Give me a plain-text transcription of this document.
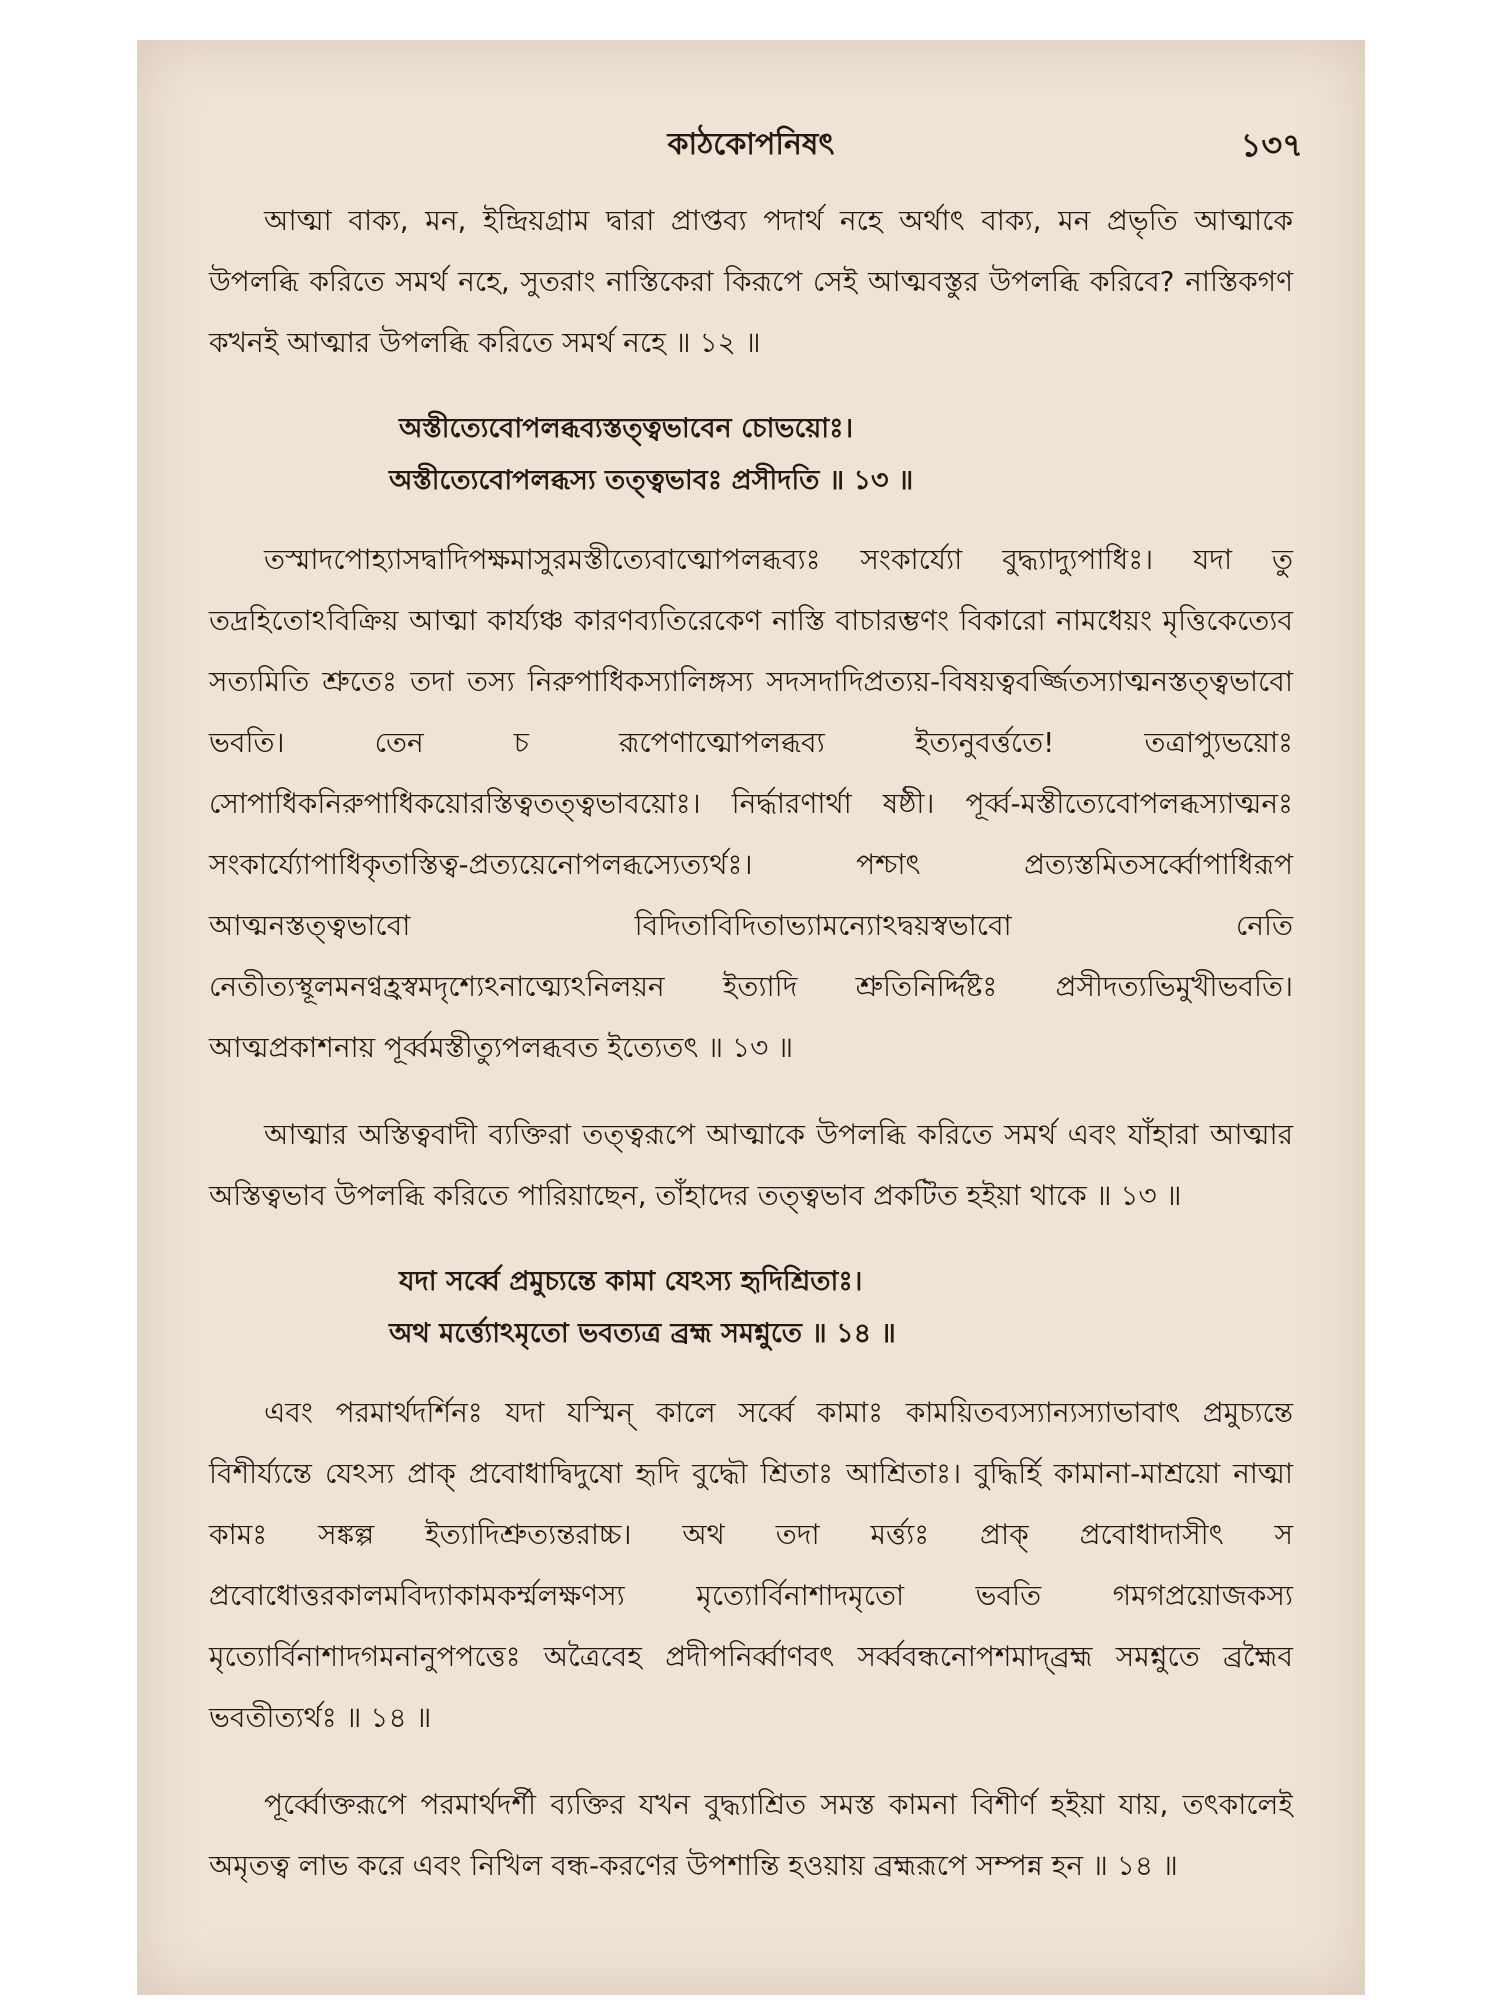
কাঠকোপনিষৎ	১৩৭

আত্মা বাক্য, মন, ইন্দ্রিয়গ্রাম দ্বারা প্রাপ্তব্য পদার্থ নহে অর্থাৎ বাক্য, মন প্রভৃতি আত্মাকে উপলব্ধি করিতে সমর্থ নহে, সুতরাং নাস্তিকেরা কিরূপে সেই আত্মবস্তুর উপলব্ধি করিবে? নাস্তিকগণ কখনই আত্মার উপলব্ধি করিতে সমর্থ নহে ॥ ১২ ॥

অস্তীত্যেবোপলব্ধব্যস্তত্ত্বভাবেন চোভয়োঃ।
অস্তীত্যেবোপলব্ধস্য তত্ত্বভাবঃ প্রসীদতি ॥ ১৩ ॥

তস্মাদপোহ্যাসদ্বাদিপক্ষমাসুরমস্তীত্যেবাত্মোপলব্ধব্যঃ সংকার্য্যো বুদ্ধ্যাদ্যুপাধিঃ। যদা তু তদ্রহিতোঽবিক্রিয় আত্মা কার্য্যঞ্চ কারণব্যতিরেকেণ নাস্তি বাচারম্ভণং বিকারো নামধেয়ং মৃত্তিকেত্যেব সত্যমিতি শ্রুতেঃ তদা তস্য নিরুপাধিকস্যালিঙ্গস্য সদসদাদিপ্রত্যয়-বিষয়ত্ববর্জ্জিতস্যাত্মনস্তত্ত্বভাবো ভবতি। তেন চ রূপেণাত্মোপলব্ধব্য ইত্যনুবর্ত্ততে! তত্রাপ্যুভয়োঃ সোপাধিকনিরুপাধিকয়োরস্তিত্বতত্ত্বভাবয়োঃ। নির্দ্ধারণার্থা ষষ্ঠী। পূর্ব্ব-মস্তীত্যেবোপলব্ধস্যাত্মনঃ সংকার্য্যোপাধিকৃতাস্তিত্ব-প্রত্যয়েনোপলব্ধস্যেত্যর্থঃ। পশ্চাৎ প্রত্যস্তমিতসর্ব্বোপাধিরূপ আত্মনস্তত্ত্বভাবো বিদিতাবিদিতাভ্যামন্যোঽদ্বয়স্বভাবো নেতি নেতীত্যস্থূলমনণ্বহ্রস্বমদৃশ্যেঽনাত্ম্যেঽনিলয়ন ইত্যাদি শ্রুতিনির্দ্দিষ্টঃ প্রসীদত্যভিমুখীভবতি। আত্মপ্রকাশনায় পূর্ব্বমস্তীত্যুপলব্ধবত ইত্যেতৎ ॥ ১৩ ॥

আত্মার অস্তিত্ববাদী ব্যক্তিরা তত্ত্বরূপে আত্মাকে উপলব্ধি করিতে সমর্থ এবং যাঁহারা আত্মার অস্তিত্বভাব উপলব্ধি করিতে পারিয়াছেন, তাঁহাদের তত্ত্বভাব প্রকটিত হইয়া থাকে ॥ ১৩ ॥

যদা সর্ব্বে প্রমুচ্যন্তে কামা যেঽস্য হৃদিশ্রিতাঃ।
অথ মর্ত্ত্যোঽমৃতো ভবত্যত্র ব্রহ্ম সমশ্নুতে ॥ ১৪ ॥

এবং পরমার্থদর্শিনঃ যদা যস্মিন্ কালে সর্ব্বে কামাঃ কাময়িতব্যস্যান্যস্যাভাবাৎ প্রমুচ্যন্তে বিশীর্য্যন্তে যেঽস্য প্রাক্ প্রবোধাদ্বিদুষো হৃদি বুদ্ধৌ শ্রিতাঃ আশ্রিতাঃ। বুদ্ধির্হি কামানা-মাশ্রয়ো নাত্মা কামঃ সঙ্কল্প ইত্যাদিশ্রুত্যন্তরাচ্চ। অথ তদা মর্ত্ত্যঃ প্রাক্ প্রবোধাদাসীৎ স প্রবোধোত্তরকালমবিদ্যাকামকর্ম্মলক্ষণস্য মৃত্যোর্বিনাশাদমৃতো ভবতি গমগপ্রয়োজকস্য মৃত্যোর্বিনাশাদগমনানুপপত্তেঃ অত্রৈবেহ প্রদীপনির্ব্বাণবৎ সর্ব্ববন্ধনোপশমাদ্‌ব্রহ্ম সমশ্নুতে ব্রহ্মৈব ভবতীত্যর্থঃ ॥ ১৪ ॥

পূর্ব্বোক্তরূপে পরমার্থদর্শী ব্যক্তির যখন বুদ্ধ্যাশ্রিত সমস্ত কামনা বিশীর্ণ হইয়া যায়, তৎকালেই অমৃতত্ব লাভ করে এবং নিখিল বন্ধ-করণের উপশান্তি হওয়ায় ব্রহ্মরূপে সম্পন্ন হন ॥ ১৪ ॥
